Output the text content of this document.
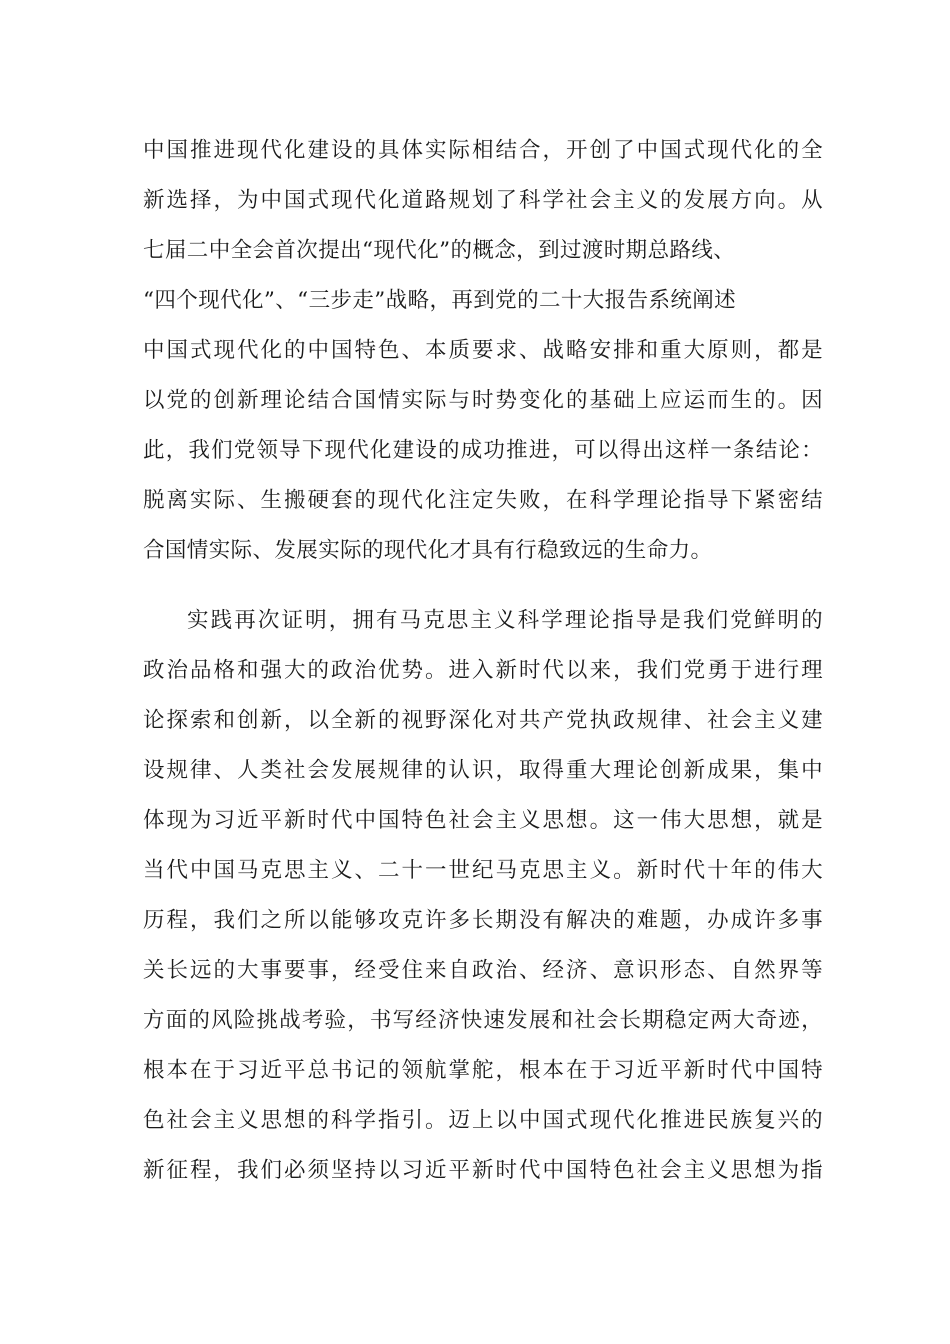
中国推进现代化建设的具体实际相结合，开创了中国式现代化的全
新选择，为中国式现代化道路规划了科学社会主义的发展方向。从
七届二中全会首次提出“现代化”的概念，到过渡时期总路线、
“四个现代化”、“三步走”战略，再到党的二十大报告系统阐述
中国式现代化的中国特色、本质要求、战略安排和重大原则，都是
以党的创新理论结合国情实际与时势变化的基础上应运而生的。因
此，我们党领导下现代化建设的成功推进，可以得出这样一条结论：
脱离实际、生搬硬套的现代化注定失败，在科学理论指导下紧密结
合国情实际、发展实际的现代化才具有行稳致远的生命力。
实践再次证明，拥有马克思主义科学理论指导是我们党鲜明的
政治品格和强大的政治优势。进入新时代以来，我们党勇于进行理
论探索和创新，以全新的视野深化对共产党执政规律、社会主义建
设规律、人类社会发展规律的认识，取得重大理论创新成果，集中
体现为习近平新时代中国特色社会主义思想。这一伟大思想，就是
当代中国马克思主义、二十一世纪马克思主义。新时代十年的伟大
历程，我们之所以能够攻克许多长期没有解决的难题，办成许多事
关长远的大事要事，经受住来自政治、经济、意识形态、自然界等
方面的风险挑战考验，书写经济快速发展和社会长期稳定两大奇迹，
根本在于习近平总书记的领航掌舵，根本在于习近平新时代中国特
色社会主义思想的科学指引。迈上以中国式现代化推进民族复兴的
新征程，我们必须坚持以习近平新时代中国特色社会主义思想为指
